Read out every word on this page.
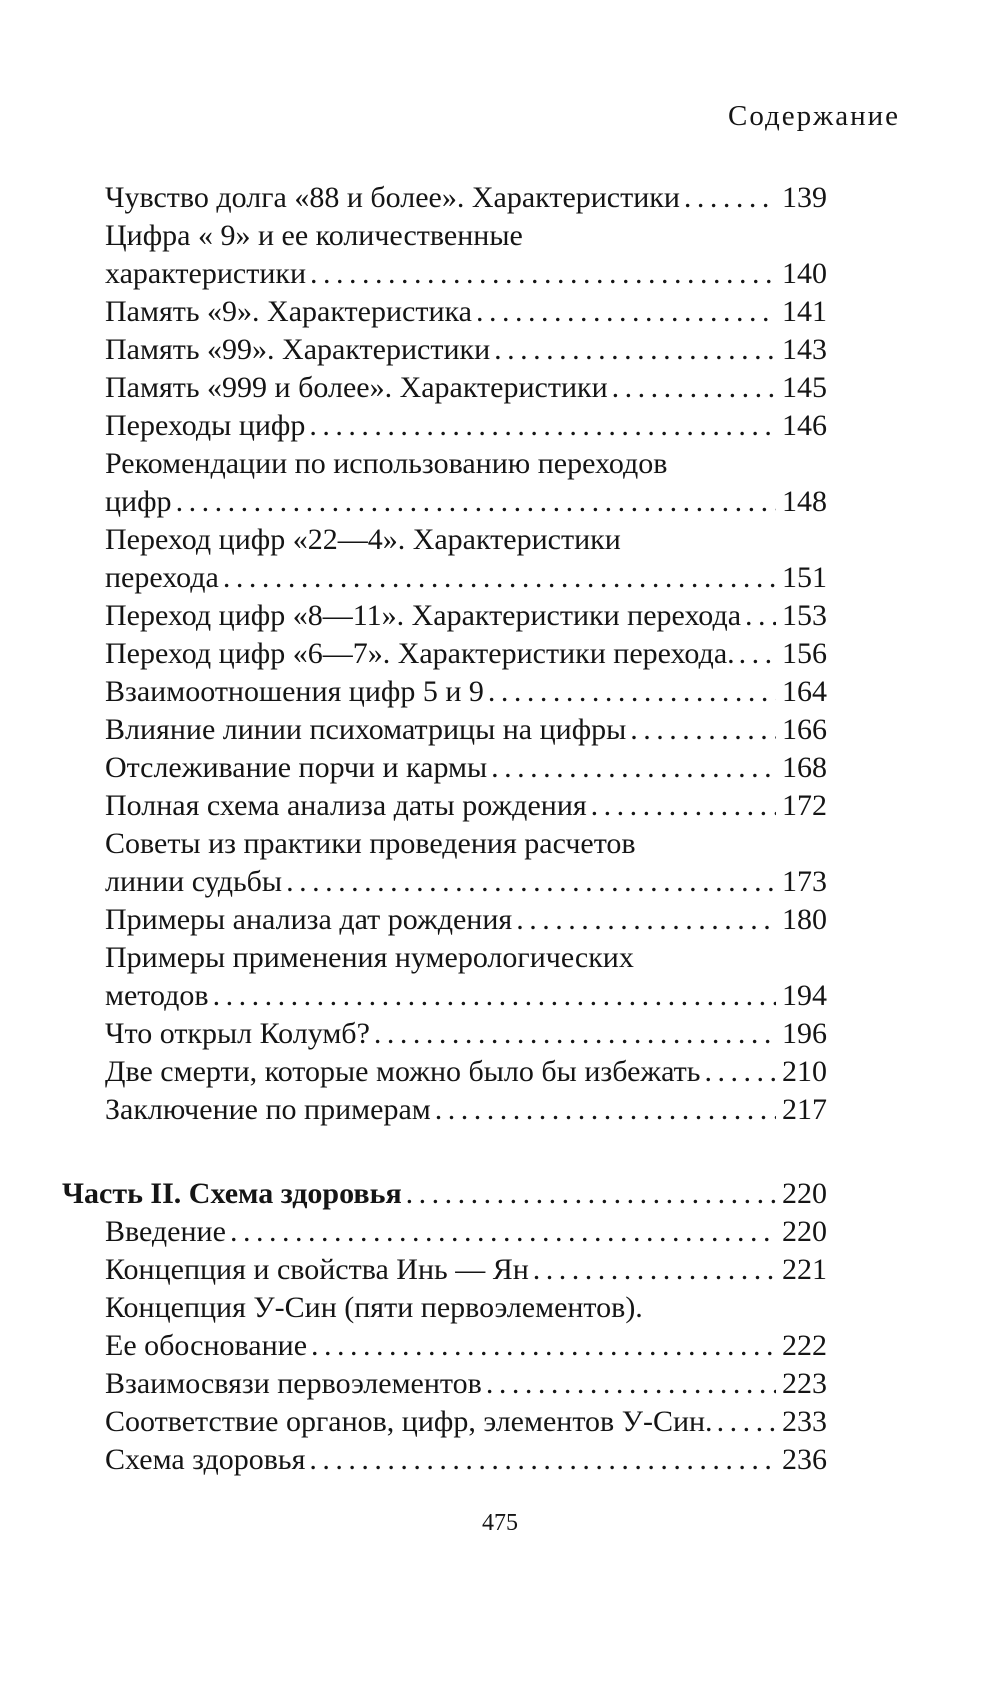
Содержание
Чувство долга «88 и более». Характеристики . . .	139
Цифра « 9» и ее количественные
характеристики . . .	140
Память «9». Характеристика . . .	141
Память «99». Характеристики . . .	143
Память «999 и более». Характеристики . . .	145
Переходы цифр . . .	146
Рекомендации по использованию переходов
цифр . . .	148
Переход цифр «22—4». Характеристики
перехода . . .	151
Переход цифр «8—11». Характеристики перехода . . . 153
Переход цифр «6—7». Характеристики перехода. . . . 156
Взаимоотношения цифр 5 и 9 . . .	164
Влияние линии психоматрицы на цифры . . .	166
Отслеживание порчи и кармы . . .	168
Полная схема анализа даты рождения . . .	172
Советы из практики проведения расчетов
линии судьбы . . .	173
Примеры анализа дат рождения . . .	180
Примеры применения нумерологических
методов . . .	194
Что открыл Колумб? . . .	196
Две смерти, которые можно было бы избежать . . .	210
Заключение по примерам . . .	217
Часть II. Схема здоровья . . .	220
Введение . . .	220
Концепция и свойства Инь — Ян . . .	221
Концепция У-Син (пяти первоэлементов).
Ее обоснование . . .	222
Взаимосвязи первоэлементов . . .	223
Соответствие органов, цифр, элементов У-Син. . . . 233
Схема здоровья . . .	236
475
